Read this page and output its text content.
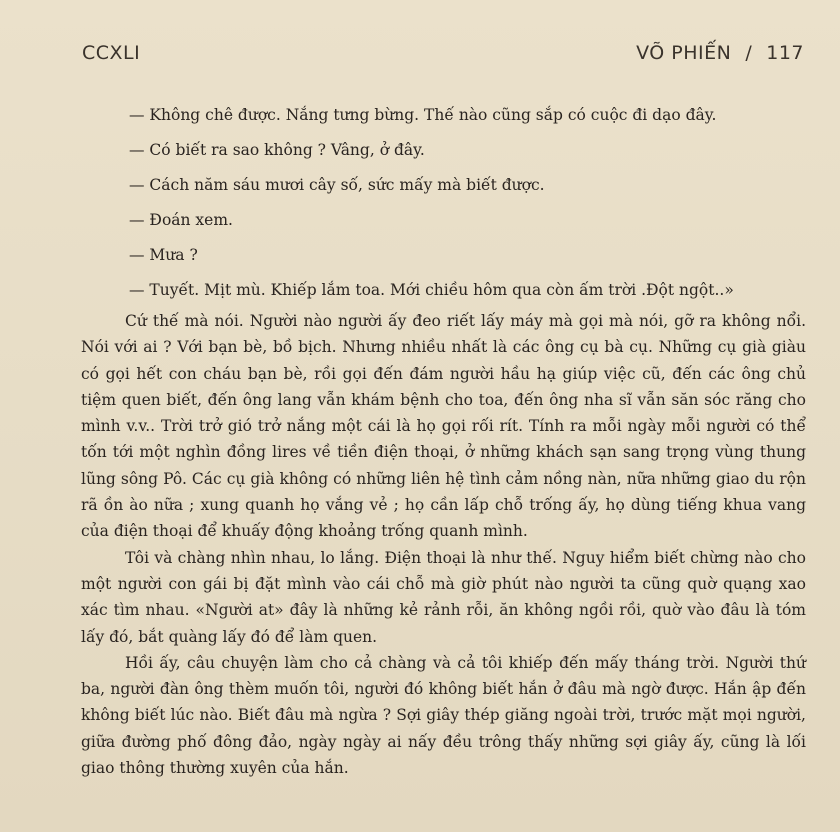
CCXLI	VÕ PHIẾN / 117
— Không chê được. Nắng tưng bừng. Thế nào cũng sắp có cuộc đi dạo đây.
— Có biết ra sao không ? Vâng, ở đây.
— Cách năm sáu mươi cây số, sức mấy mà biết được.
— Đoán xem.
— Mưa ?
— Tuyết. Mịt mù. Khiếp lắm toa. Mới chiều hôm qua còn ấm trời .Đột ngột..»

Cứ thế mà nói. Người nào người ấy đeo riết lấy máy mà gọi mà nói, gỡ ra không nổi. Nói với ai ? Với bạn bè, bồ bịch. Nhưng nhiều nhất là các ông cụ bà cụ. Những cụ già giàu có gọi hết con cháu bạn bè, rồi gọi đến đám người hầu hạ giúp việc cũ, đến các ông chủ tiệm quen biết, đến ông lang vẫn khám bệnh cho toa, đến ông nha sĩ vẫn săn sóc răng cho mình v.v.. Trời trở gió trở nắng một cái là họ gọi rối rít. Tính ra mỗi ngày mỗi người có thể tốn tới một nghìn đồng lires về tiền điện thoại, ở những khách sạn sang trọng vùng thung lũng sông Pô. Các cụ già không có những liên hệ tình cảm nồng nàn, nữa những giao du rộn rã ồn ào nữa ; xung quanh họ vắng vẻ ; họ cần lấp chỗ trống ấy, họ dùng tiếng khua vang của điện thoại để khuấy động khoảng trống quanh mình.

Tôi và chàng nhìn nhau, lo lắng. Điện thoại là như thế. Nguy hiểm biết chừng nào cho một người con gái bị đặt mình vào cái chỗ mà giờ phút nào người ta cũng quờ quạng xao xác tìm nhau. «Người at» đây là những kẻ rảnh rỗi, ăn không ngồi rồi, quờ vào đâu là tóm lấy đó, bắt quàng lấy đó để làm quen.

Hồi ấy, câu chuyện làm cho cả chàng và cả tôi khiếp đến mấy tháng trời. Người thứ ba, người đàn ông thèm muốn tôi, người đó không biết hắn ở đâu mà ngờ được. Hắn ập đến không biết lúc nào. Biết đâu mà ngừa ? Sợi giây thép giăng ngoài trời, trước mặt mọi người, giữa đường phố đông đảo, ngày ngày ai nấy đều trông thấy những sợi giây ấy, cũng là lối giao thông thường xuyên của hắn.
